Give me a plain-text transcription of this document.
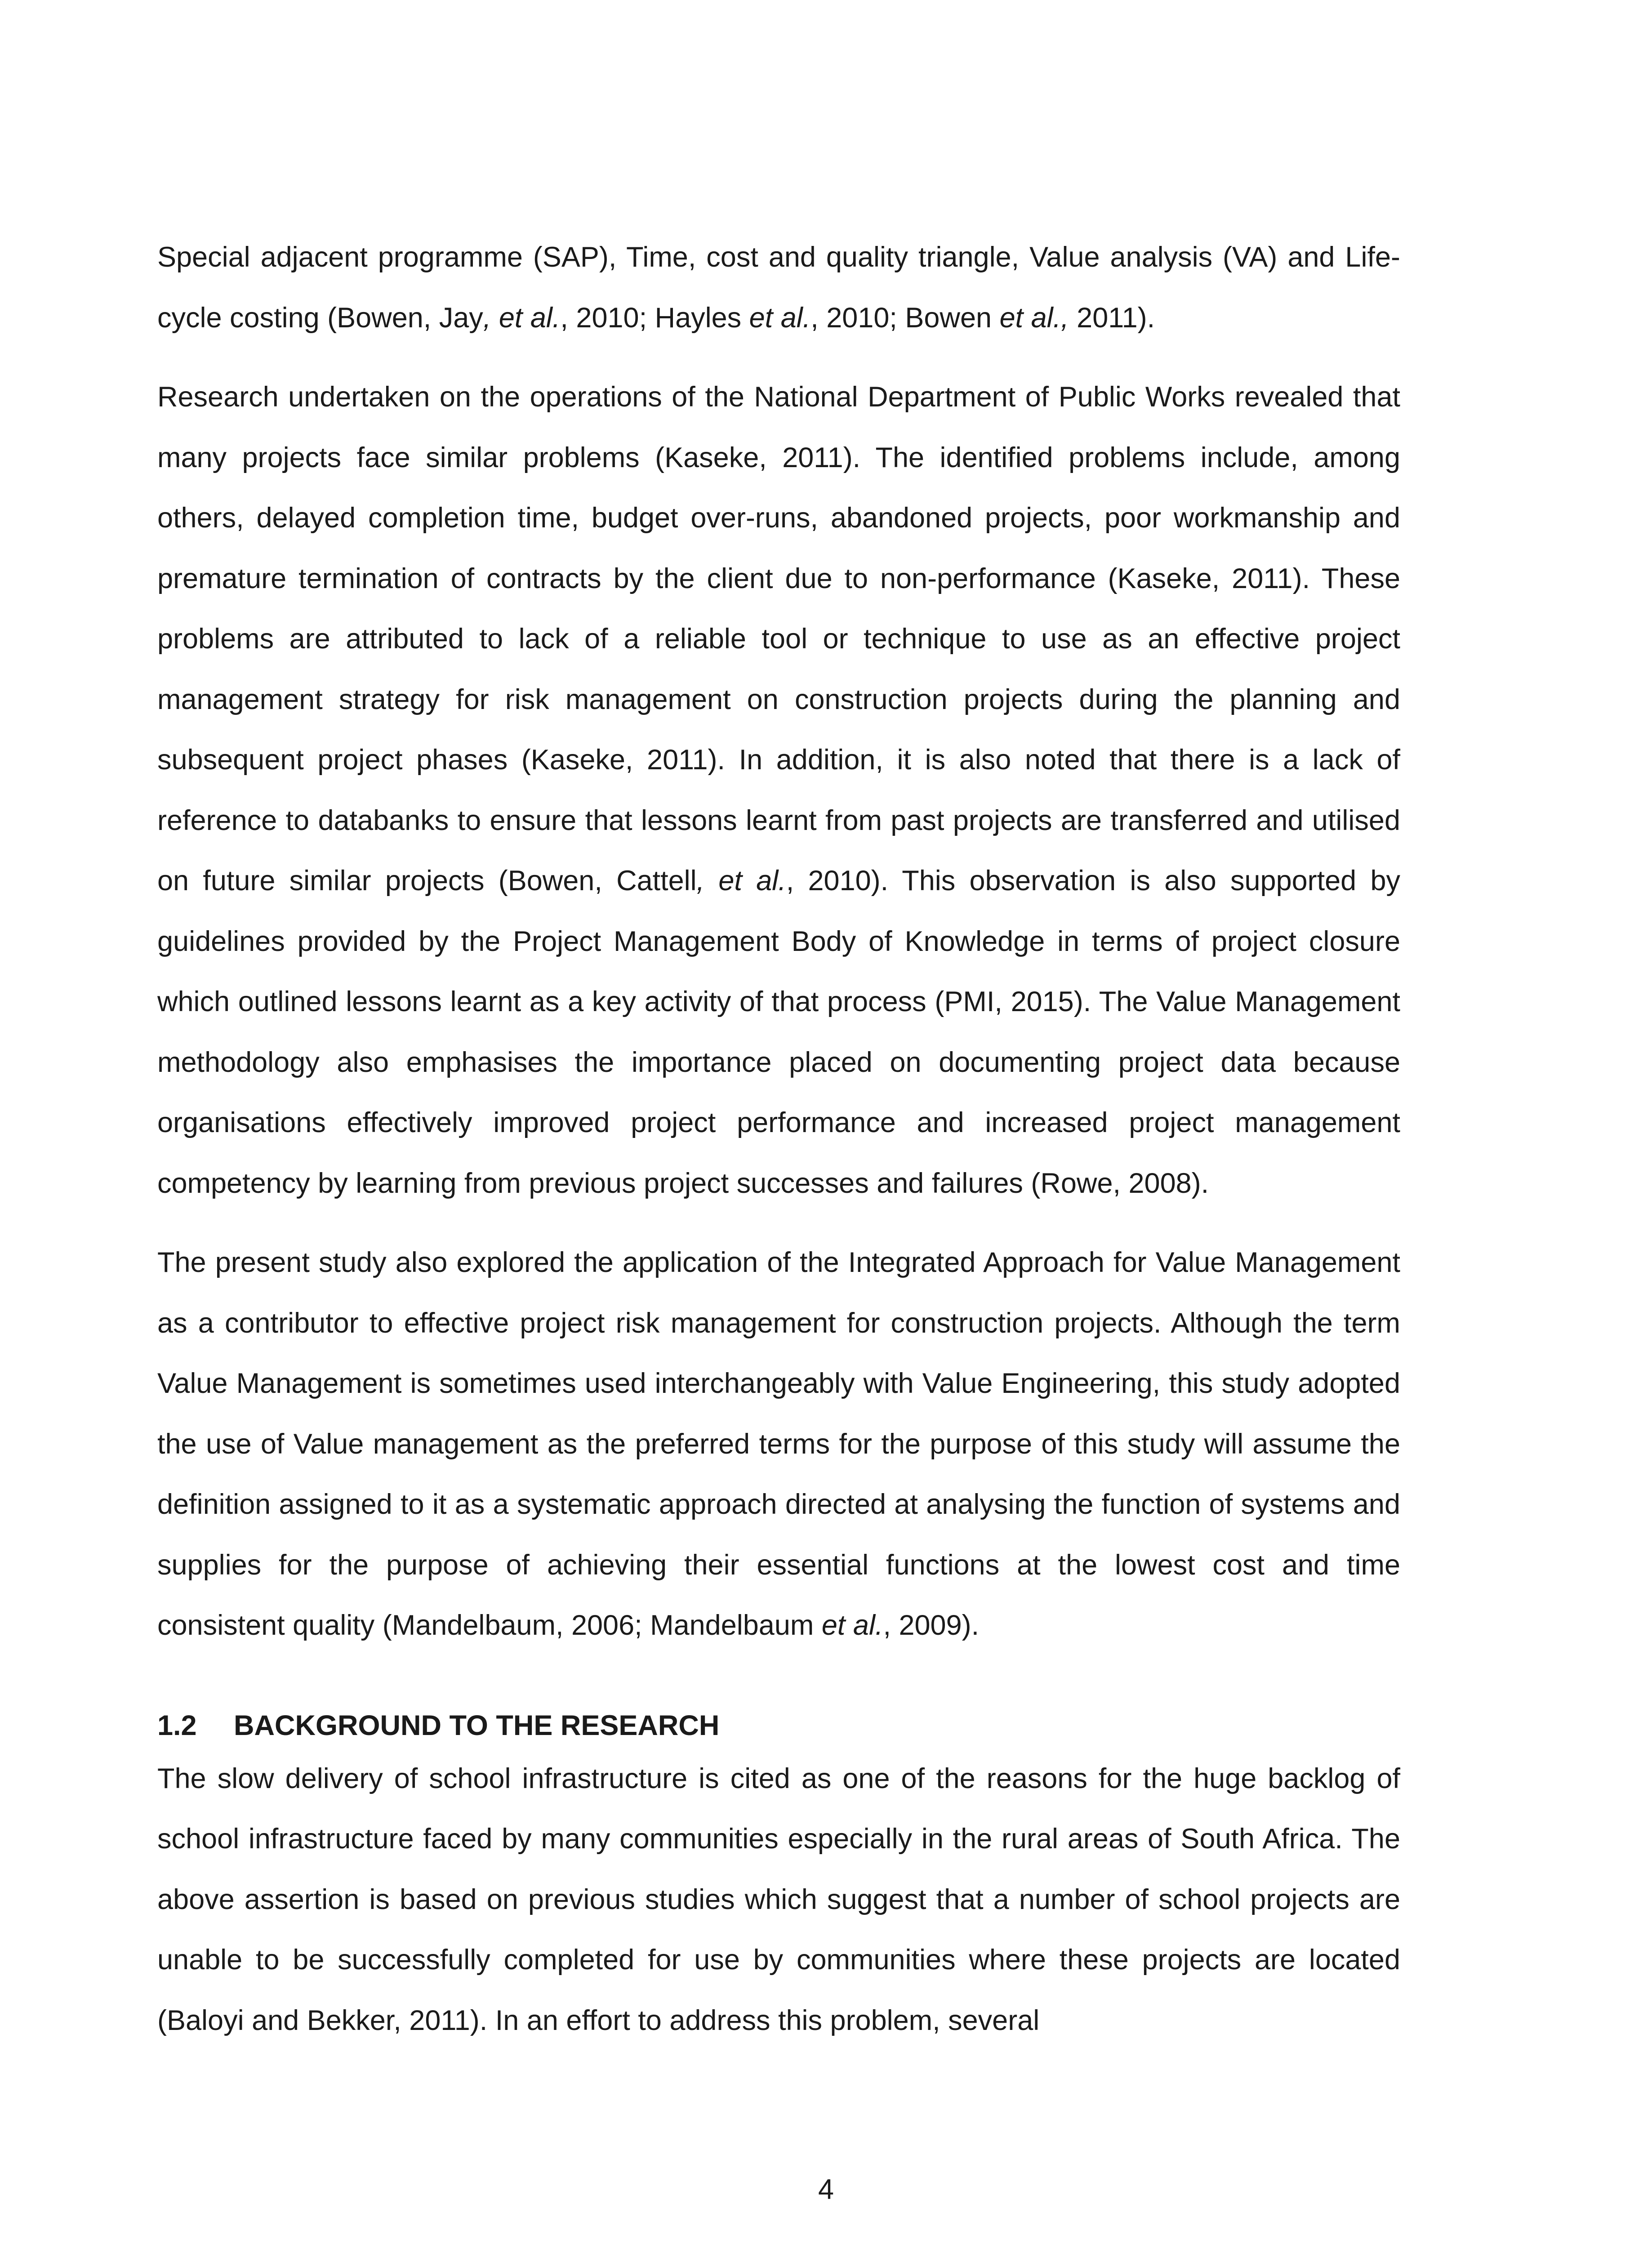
Special adjacent programme (SAP), Time, cost and quality triangle, Value analysis (VA) and Life-cycle costing (Bowen, Jay, et al., 2010; Hayles et al., 2010; Bowen et al., 2011).

Research undertaken on the operations of the National Department of Public Works revealed that many projects face similar problems (Kaseke, 2011). The identified problems include, among others, delayed completion time, budget over-runs, abandoned projects, poor workmanship and premature termination of contracts by the client due to non-performance (Kaseke, 2011). These problems are attributed to lack of a reliable tool or technique to use as an effective project management strategy for risk management on construction projects during the planning and subsequent project phases (Kaseke, 2011). In addition, it is also noted that there is a lack of reference to databanks to ensure that lessons learnt from past projects are transferred and utilised on future similar projects (Bowen, Cattell, et al., 2010). This observation is also supported by guidelines provided by the Project Management Body of Knowledge in terms of project closure which outlined lessons learnt as a key activity of that process (PMI, 2015). The Value Management methodology also emphasises the importance placed on documenting project data because organisations effectively improved project performance and increased project management competency by learning from previous project successes and failures (Rowe, 2008).

The present study also explored the application of the Integrated Approach for Value Management as a contributor to effective project risk management for construction projects. Although the term Value Management is sometimes used interchangeably with Value Engineering, this study adopted the use of Value management as the preferred terms for the purpose of this study will assume the definition assigned to it as a systematic approach directed at analysing the function of systems and supplies for the purpose of achieving their essential functions at the lowest cost and time consistent quality (Mandelbaum, 2006; Mandelbaum et al., 2009).

1.2 BACKGROUND TO THE RESEARCH

The slow delivery of school infrastructure is cited as one of the reasons for the huge backlog of school infrastructure faced by many communities especially in the rural areas of South Africa. The above assertion is based on previous studies which suggest that a number of school projects are unable to be successfully completed for use by communities where these projects are located (Baloyi and Bekker, 2011). In an effort to address this problem, several

4
